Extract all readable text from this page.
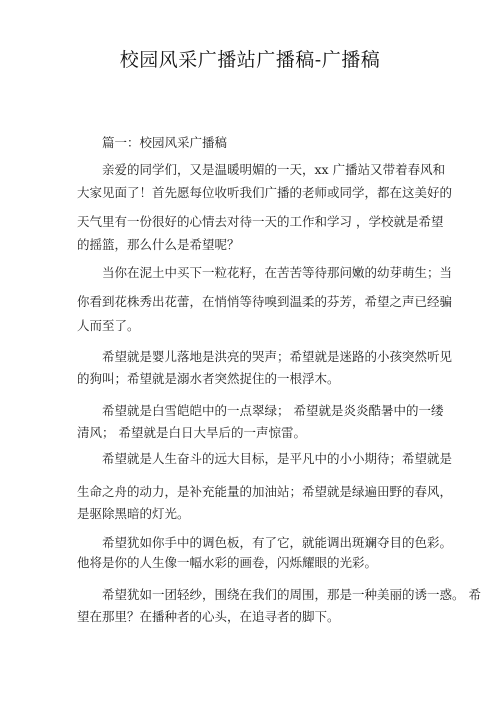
校园风采广播站广播稿-广播稿
篇一：校园风采广播稿
亲爱的同学们，又是温暖明媚的一天，xx 广播站又带着春风和
大家见面了！首先愿每位收听我们广播的老师或同学，都在这美好的
天气里有一份很好的心情去对待一天的工作和学习 ，学校就是希望
的摇篮，那么什么是希望呢？
当你在泥土中买下一粒花籽，在苦苦等待那问嫩的幼芽萌生；当
你看到花株秀出花蕾，在悄悄等待嗅到温柔的芬芳，希望之声已经骗
人而至了。
希望就是婴儿落地是洪亮的哭声；希望就是迷路的小孩突然听见
的狗叫；希望就是溺水者突然捉住的一根浮木。
希望就是白雪皑皑中的一点翠绿； 希望就是炎炎酷暑中的一缕
清风； 希望就是白日大旱后的一声惊雷。
希望就是人生奋斗的远大目标，是平凡中的小小期待；希望就是
生命之舟的动力，是补充能量的加油站；希望就是绿遍田野的春风，
是驱除黑暗的灯光。
希望犹如你手中的调色板，有了它，就能调出斑斓夺目的色彩。
他将是你的人生像一幅水彩的画卷，闪烁耀眼的光彩。
希望犹如一团轻纱，围绕在我们的周围，那是一种美丽的诱一惑。 希
望在那里？在播种者的心头，在追寻者的脚下。
